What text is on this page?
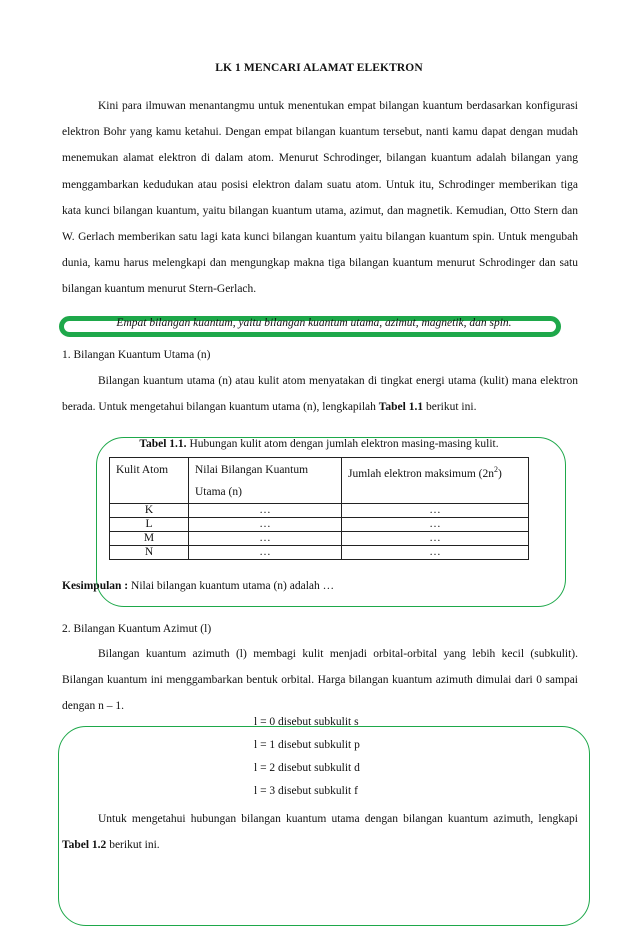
LK 1 MENCARI ALAMAT ELEKTRON

Kini para ilmuwan menantangmu untuk menentukan empat bilangan kuantum berdasarkan konfigurasi elektron Bohr yang kamu ketahui. Dengan empat bilangan kuantum tersebut, nanti kamu dapat dengan mudah menemukan alamat elektron di dalam atom. Menurut Schrodinger, bilangan kuantum adalah bilangan yang menggambarkan kedudukan atau posisi elektron dalam suatu atom. Untuk itu, Schrodinger memberikan tiga kata kunci bilangan kuantum, yaitu bilangan kuantum utama, azimut, dan magnetik. Kemudian, Otto Stern dan W. Gerlach memberikan satu lagi kata kunci bilangan kuantum yaitu bilangan kuantum spin. Untuk mengubah dunia, kamu harus melengkapi dan mengungkap makna tiga bilangan kuantum menurut Schrodinger dan satu bilangan kuantum menurut Stern-Gerlach.

Empat bilangan kuantum, yaitu bilangan kuantum utama, azimut, magnetik, dan spin.
1. Bilangan Kuantum Utama (n)

Bilangan kuantum utama (n) atau kulit atom menyatakan di tingkat energi utama (kulit) mana elektron berada. Untuk mengetahui bilangan kuantum utama (n), lengkapilah Tabel 1.1 berikut ini.

Tabel 1.1. Hubungan kulit atom dengan jumlah elektron masing-masing kulit.
Kulit Atom	Nilai Bilangan Kuantum Utama (n)	Jumlah elektron maksimum $(2n^2)$
K	…	…
L	…	…
M	…	…
N	…	…
Kesimpulan : Nilai bilangan kuantum utama (n) adalah …
2. Bilangan Kuantum Azimut (l)

Bilangan kuantum azimuth (l) membagi kulit menjadi orbital-orbital yang lebih kecil (subkulit). Bilangan kuantum ini menggambarkan bentuk orbital. Harga bilangan kuantum azimuth dimulai dari 0 sampai dengan n – 1.

l = 0 disebut subkulit s
l = 1 disebut subkulit p
l = 2 disebut subkulit d
l = 3 disebut subkulit f

Untuk mengetahui hubungan bilangan kuantum utama dengan bilangan kuantum azimuth, lengkapi Tabel 1.2 berikut ini.
